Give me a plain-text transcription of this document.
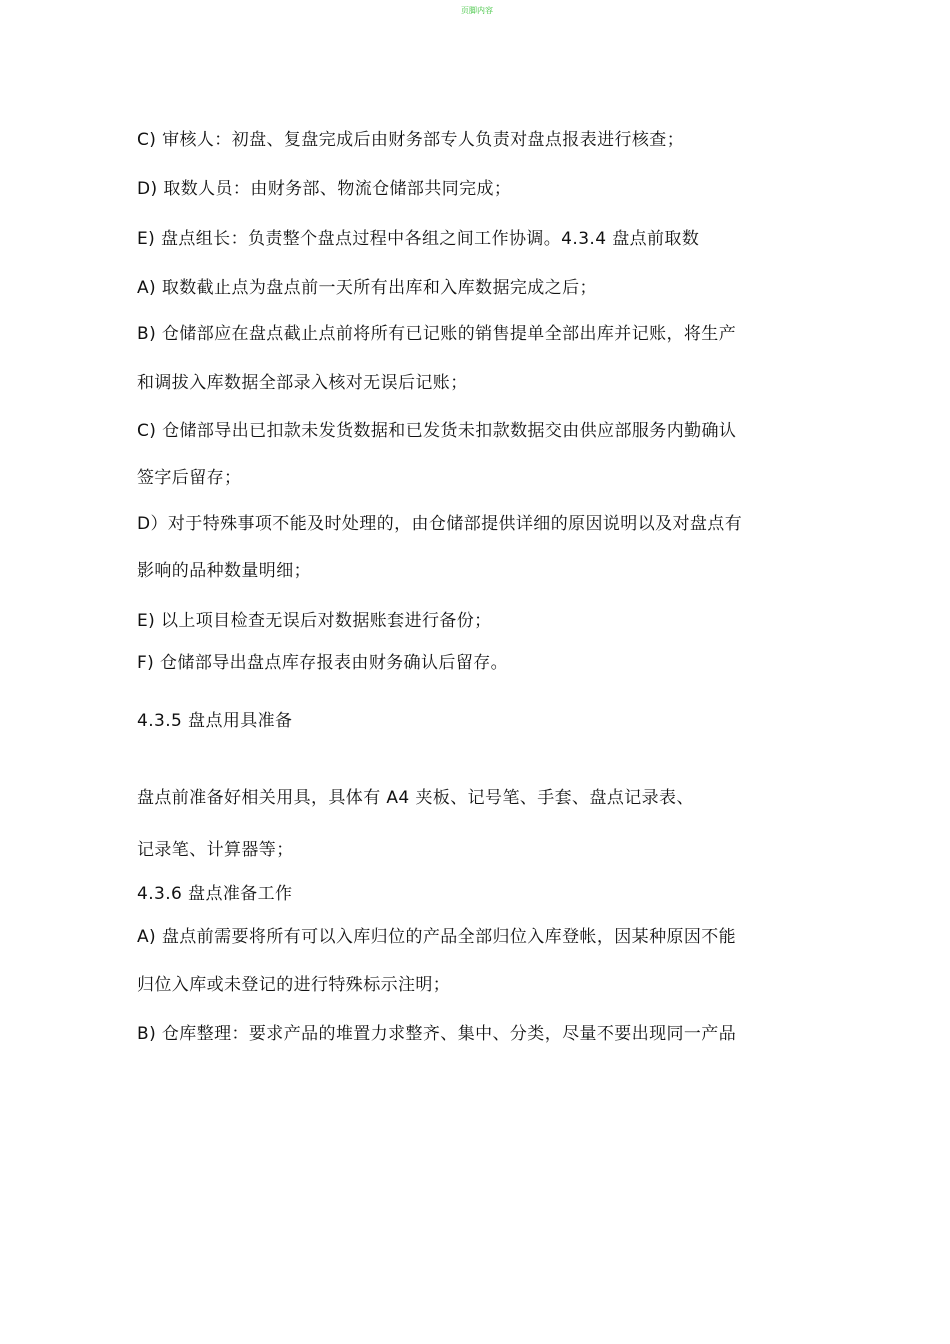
页脚内容
C) 审核人：初盘、复盘完成后由财务部专人负责对盘点报表进行核查；
D) 取数人员：由财务部、物流仓储部共同完成；
E) 盘点组长：负责整个盘点过程中各组之间工作协调。4.3.4 盘点前取数
A) 取数截止点为盘点前一天所有出库和入库数据完成之后；
B) 仓储部应在盘点截止点前将所有已记账的销售提单全部出库并记账，将生产
和调拔入库数据全部录入核对无误后记账；
C) 仓储部导出已扣款未发货数据和已发货未扣款数据交由供应部服务内勤确认
签字后留存；
D）对于特殊事项不能及时处理的，由仓储部提供详细的原因说明以及对盘点有
影响的品种数量明细；
E) 以上项目检查无误后对数据账套进行备份；
F) 仓储部导出盘点库存报表由财务确认后留存。
4.3.5 盘点用具准备
盘点前准备好相关用具，具体有 A4 夹板、记号笔、手套、盘点记录表、
记录笔、计算器等；
4.3.6 盘点准备工作
A) 盘点前需要将所有可以入库归位的产品全部归位入库登帐，因某种原因不能
归位入库或未登记的进行特殊标示注明；
B) 仓库整理：要求产品的堆置力求整齐、集中、分类，尽量不要出现同一产品
